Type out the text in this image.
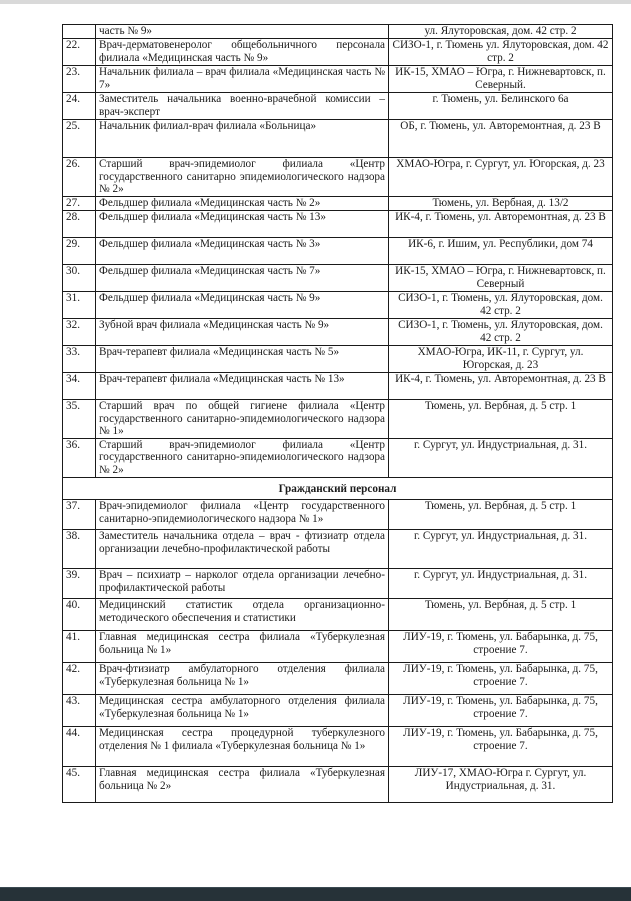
	часть № 9»	ул. Ялуторовская, дом. 42 стр. 2
22.	Врач-дерматовенеролог общебольничного персонала филиала «Медицинская часть № 9»	СИЗО-1, г. Тюмень ул. Ялуторовская, дом. 42 стр. 2
23.	Начальник филиала – врач филиала «Медицинская часть № 7»	ИК-15, ХМАО – Югра, г. Нижневартовск, п. Северный.
24.	Заместитель начальника военно-врачебной комиссии – врач-эксперт	г. Тюмень, ул. Белинского 6а
25.	Начальник филиал-врач филиала «Больница»	ОБ, г. Тюмень, ул. Авторемонтная, д. 23 В
26.	Старший врач-эпидемиолог филиала «Центр государственного санитарно эпидемиологического надзора № 2»	ХМАО-Югра, г. Сургут, ул. Югорская, д. 23
27.	Фельдшер филиала «Медицинская часть № 2»	Тюмень, ул. Вербная, д. 13/2
28.	Фельдшер филиала «Медицинская часть № 13»	ИК-4, г. Тюмень, ул. Авторемонтная, д. 23 В
29.	Фельдшер филиала «Медицинская часть № 3»	ИК-6, г. Ишим, ул. Республики, дом 74
30.	Фельдшер филиала «Медицинская часть № 7»	ИК-15, ХМАО – Югра, г. Нижневартовск, п. Северный
31.	Фельдшер филиала «Медицинская часть № 9»	СИЗО-1, г. Тюмень, ул. Ялуторовская, дом. 42 стр. 2
32.	Зубной врач филиала «Медицинская часть № 9»	СИЗО-1, г. Тюмень, ул. Ялуторовская, дом. 42 стр. 2
33.	Врач-терапевт филиала «Медицинская часть № 5»	ХМАО-Югра, ИК-11, г. Сургут, ул. Югорская, д. 23
34.	Врач-терапевт филиала «Медицинская часть № 13»	ИК-4, г. Тюмень, ул. Авторемонтная, д. 23 В
35.	Старший врач по общей гигиене филиала «Центр государственного санитарно-эпидемиологического надзора № 1»	Тюмень, ул. Вербная, д. 5 стр. 1
36.	Старший врач-эпидемиолог филиала «Центр государственного санитарно-эпидемиологического надзора № 2»	г. Сургут, ул. Индустриальная, д. 31.
Гражданский персонал		
37.	Врач-эпидемиолог филиала «Центр государственного санитарно-эпидемиологического надзора № 1»	Тюмень, ул. Вербная, д. 5 стр. 1
38.	Заместитель начальника отдела – врач - фтизиатр отдела организации лечебно-профилактической работы	г. Сургут, ул. Индустриальная, д. 31.
39.	Врач – психиатр – нарколог отдела организации лечебно-профилактической работы	г. Сургут, ул. Индустриальная, д. 31.
40.	Медицинский статистик отдела организационно-методического обеспечения и статистики	Тюмень, ул. Вербная, д. 5 стр. 1
41.	Главная медицинская сестра филиала «Туберкулезная больница № 1»	ЛИУ-19, г. Тюмень, ул. Бабарынка, д. 75, строение 7.
42.	Врач-фтизиатр амбулаторного отделения филиала «Туберкулезная больница № 1»	ЛИУ-19, г. Тюмень, ул. Бабарынка, д. 75, строение 7.
43.	Медицинская сестра амбулаторного отделения филиала «Туберкулезная больница № 1»	ЛИУ-19, г. Тюмень, ул. Бабарынка, д. 75, строение 7.
44.	Медицинская сестра процедурной туберкулезного отделения № 1 филиала «Туберкулезная больница № 1»	ЛИУ-19, г. Тюмень, ул. Бабарынка, д. 75, строение 7.
45.	Главная медицинская сестра филиала «Туберкулезная больница № 2»	ЛИУ-17, ХМАО-Югра г. Сургут, ул. Индустриальная, д. 31.
